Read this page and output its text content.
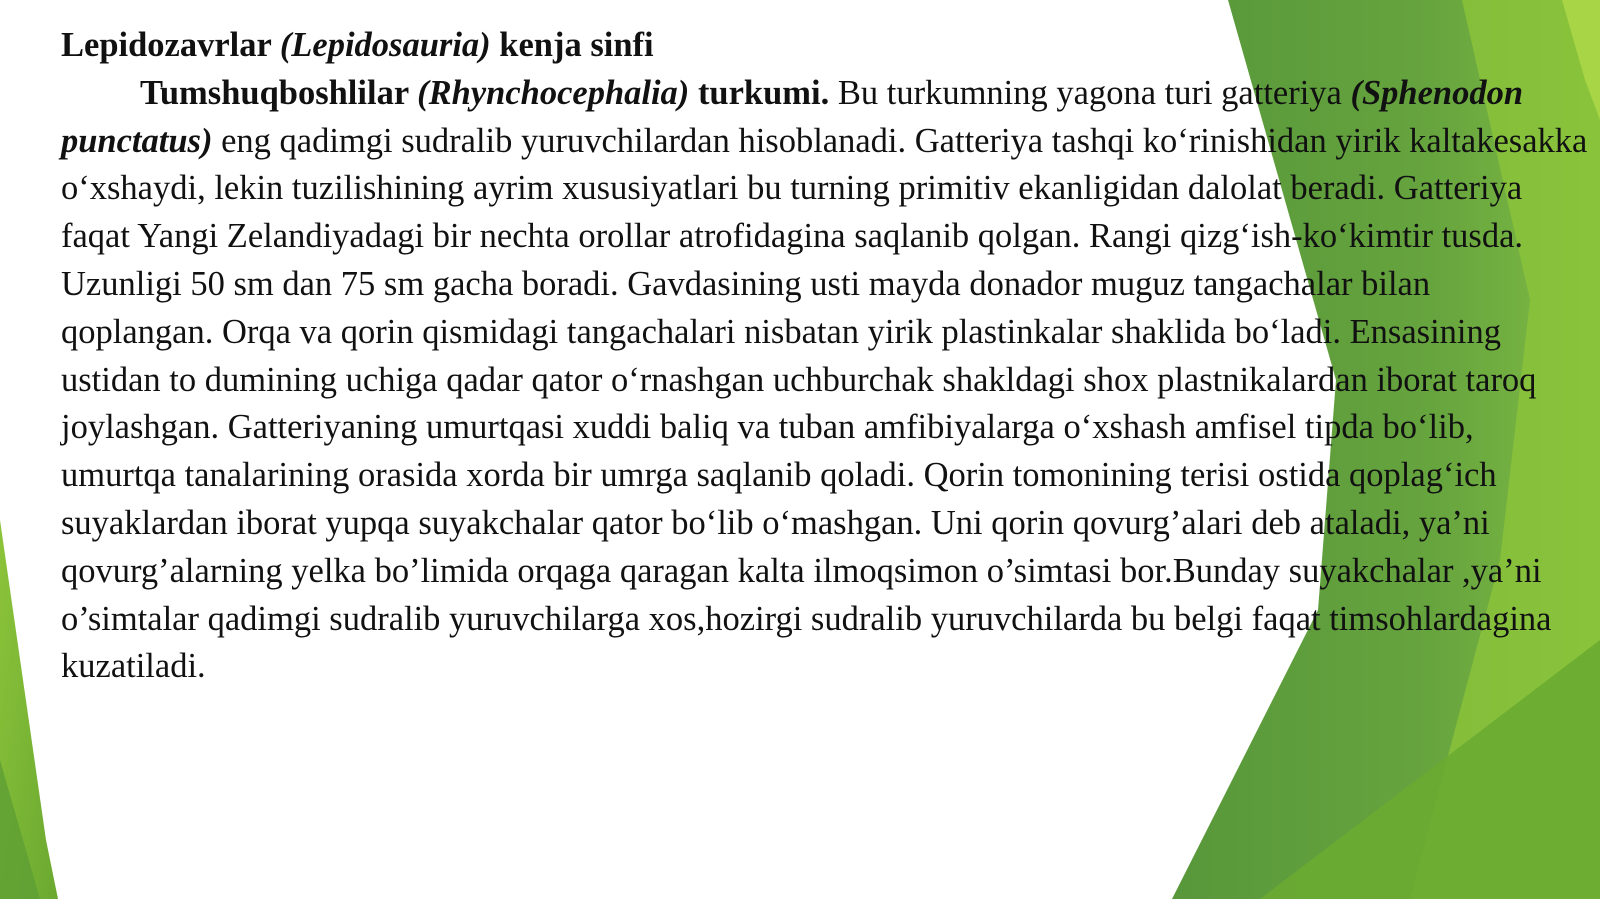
Lepidozavrlar (Lepidosauria) kenja sinfi

Tumshuqboshlilar (Rhynchocephalia) turkumi. Bu turkumning yagona turi gatteriya (Sphenodon punctatus) eng qadimgi sudralib yuruvchilardan hisoblanadi. Gatteriya tashqi ko‘rinishidan yirik kaltakesakka o‘xshaydi, lekin tuzilishining ayrim xususiyatlari bu turning primitiv ekanligidan dalolat beradi. Gatteriya faqat Yangi Zelandiyadagi bir nechta orollar atrofidagina saqlanib qolgan. Rangi qizg‘ish-ko‘kimtir tusda. Uzunligi 50 sm dan 75 sm gacha boradi. Gavdasining usti mayda donador muguz tangachalar bilan qoplangan. Orqa va qorin qismidagi tangachalari nisbatan yirik plastinkalar shaklida bo‘ladi. Ensasining ustidan to dumining uchiga qadar qator o‘rnashgan uchburchak shakldagi shox plastnikalardan iborat taroq joylashgan. Gatteriyaning umurtqasi xuddi baliq va tuban amfibiyalarga o‘xshash amfisel tipda bo‘lib, umurtqa tanalarining orasida xorda bir umrga saqlanib qoladi. Qorin tomonining terisi ostida qoplag‘ich suyaklardan iborat yupqa suyakchalar qator bo‘lib o‘mashgan. Uni qorin qovurg’alari deb ataladi, ya’ni qovurg’alarning yelka bo’limida orqaga qaragan kalta ilmoqsimon o’simtasi bor.Bunday suyakchalar ,ya’ni o’simtalar qadimgi sudralib yuruvchilarga xos,hozirgi sudralib yuruvchilarda bu belgi faqat timsohlardagina kuzatiladi.
